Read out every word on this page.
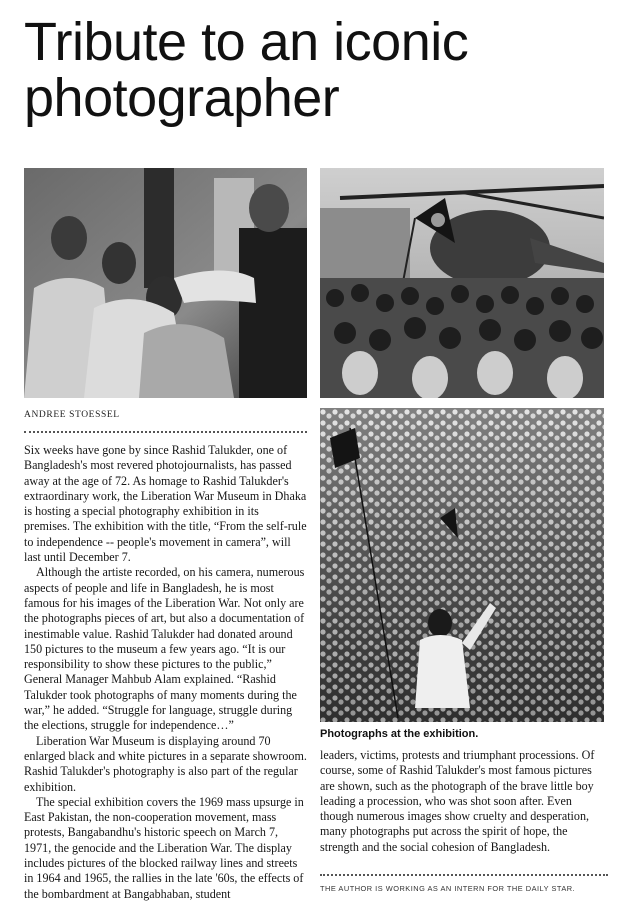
Tribute to an iconic
photographer
ANDREE STOESSEL

Six weeks have gone by since Rashid Talukder, one of Bangladesh's most revered photojournalists, has passed away at the age of 72. As homage to Rashid Talukder's extraordinary work, the Liberation War Museum in Dhaka is hosting a special photography exhibition in its premises. The exhibition with the title, “From the self-rule to independence -- people's movement in camera”, will last until December 7.

Although the artiste recorded, on his camera, numerous aspects of people and life in Bangladesh, he is most famous for his images of the Liberation War. Not only are the photographs pieces of art, but also a documentation of inestimable value. Rashid Talukder had donated around 150 pictures to the museum a few years ago. “It is our responsibility to show these pictures to the public,” General Manager Mahbub Alam explained. “Rashid Talukder took photographs of many moments during the war,” he added. “Struggle for language, struggle during the elections, struggle for independence…”

Liberation War Museum is displaying around 70 enlarged black and white pictures in a separate showroom. Rashid Talukder's photography is also part of the regular exhibition.

The special exhibition covers the 1969 mass upsurge in East Pakistan, the non-cooperation movement, mass protests, Bangabandhu's historic speech on March 7, 1971, the genocide and the Liberation War. The display includes pictures of the blocked railway lines and streets in 1964 and 1965, the rallies in the late '60s, the effects of the bombardment at Bangabhaban, student

Photographs at the exhibition.

leaders, victims, protests and triumphant processions. Of course, some of Rashid Talukder's most famous pictures are shown, such as the photograph of the brave little boy leading a procession, who was shot soon after. Even though numerous images show cruelty and desperation, many photographs put across the spirit of hope, the strength and the social cohesion of Bangladesh.

THE AUTHOR IS WORKING AS AN INTERN FOR THE DAILY STAR.
